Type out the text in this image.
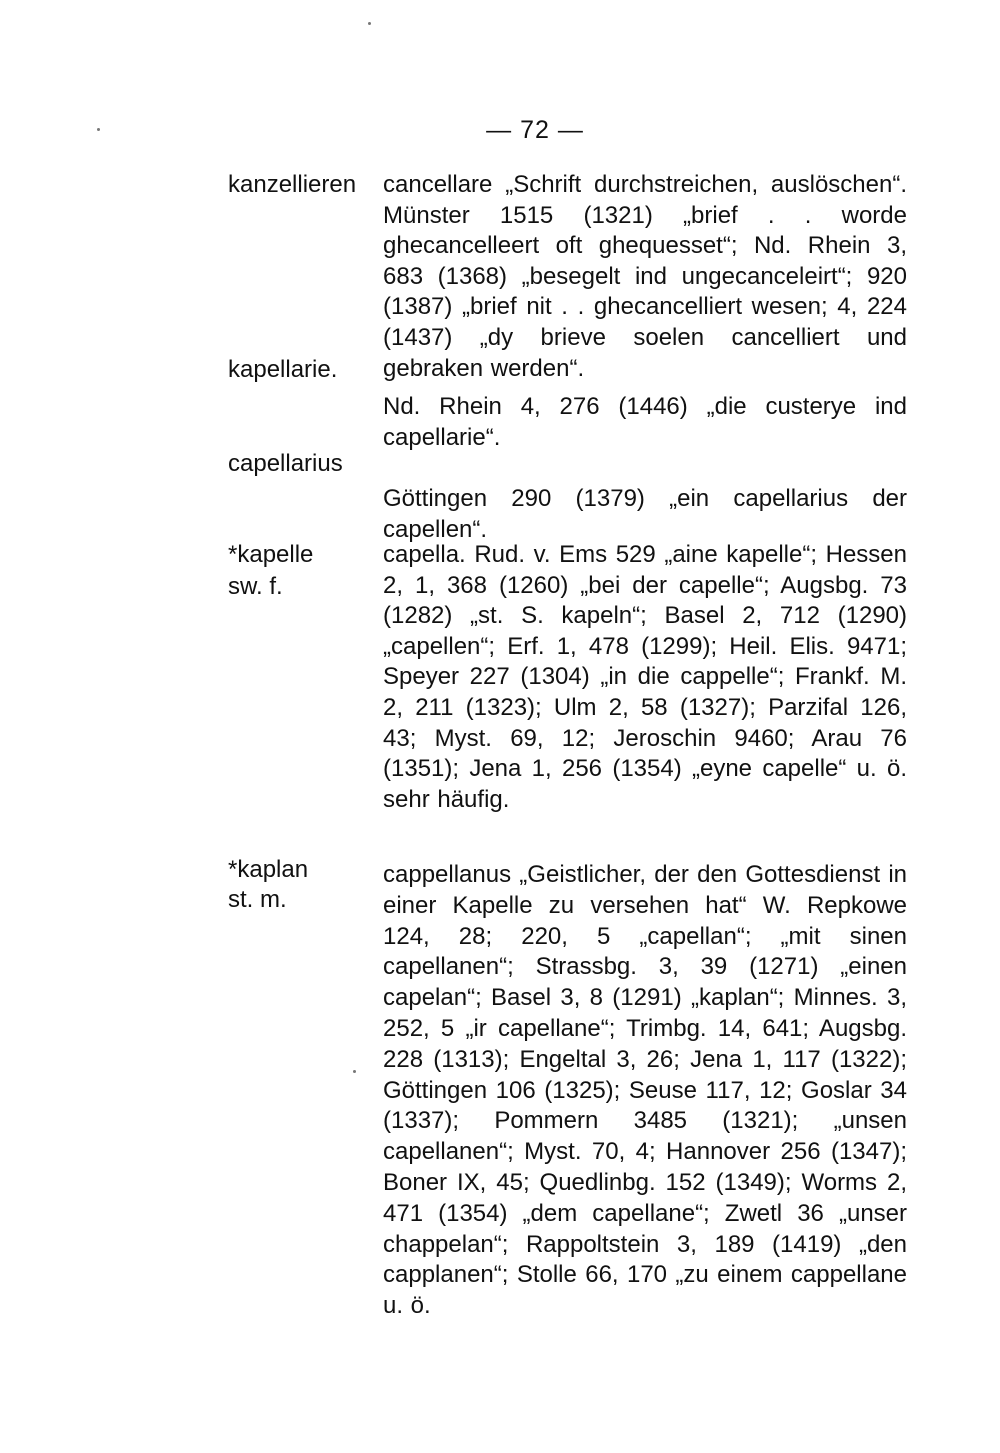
— 72 —
kanzellieren cancellare „Schrift durchstreichen, auslöschen“. Münster 1515 (1321) „brief . . worde ghecancelleert oft ghequesset“; Nd. Rhein 3, 683 (1368) „besegelt ind ungecanceleirt“; 920 (1387) „brief nit . . ghecancelliert wesen; 4, 224 (1437) „dy brieve soelen cancelliert und gebraken werden“.
kapellarie.
Nd. Rhein 4, 276 (1446) „die custerye ind capellarie“.
capellarius
Göttingen 290 (1379) „ein capellarius der capellen“.
*kapelle
sw. f.
capella. Rud. v. Ems 529 „aine kapelle“; Hessen 2, 1, 368 (1260) „bei der capelle“; Augsbg. 73 (1282) „st. S. kapeln“; Basel 2, 712 (1290) „capellen“; Erf. 1, 478 (1299); Heil. Elis. 9471; Speyer 227 (1304) „in die cappelle“; Frankf. M. 2, 211 (1323); Ulm 2, 58 (1327); Parzifal 126, 43; Myst. 69, 12; Jeroschin 9460; Arau 76 (1351); Jena 1, 256 (1354) „eyne capelle“ u. ö. sehr häufig.
*kaplan
st. m.
cappellanus „Geistlicher, der den Gottesdienst in einer Kapelle zu versehen hat“ W. Repkowe 124, 28; 220, 5 „capellan“; „mit sinen capellanen“; Strassbg. 3, 39 (1271) „einen capelan“; Basel 3, 8 (1291) „kaplan“; Minnes. 3, 252, 5 „ir capellane“; Trimbg. 14, 641; Augsbg. 228 (1313); Engeltal 3, 26; Jena 1, 117 (1322); Göttingen 106 (1325); Seuse 117, 12; Goslar 34 (1337); Pommern 3485 (1321); „unsen capellanen“; Myst. 70, 4; Hannover 256 (1347); Boner IX, 45; Quedlinbg. 152 (1349); Worms 2, 471 (1354) „dem capellane“; Zwetl 36 „unser chappelan“; Rappoltstein 3, 189 (1419) „den capplanen“; Stolle 66, 170 „zu einem cappellane u. ö.
